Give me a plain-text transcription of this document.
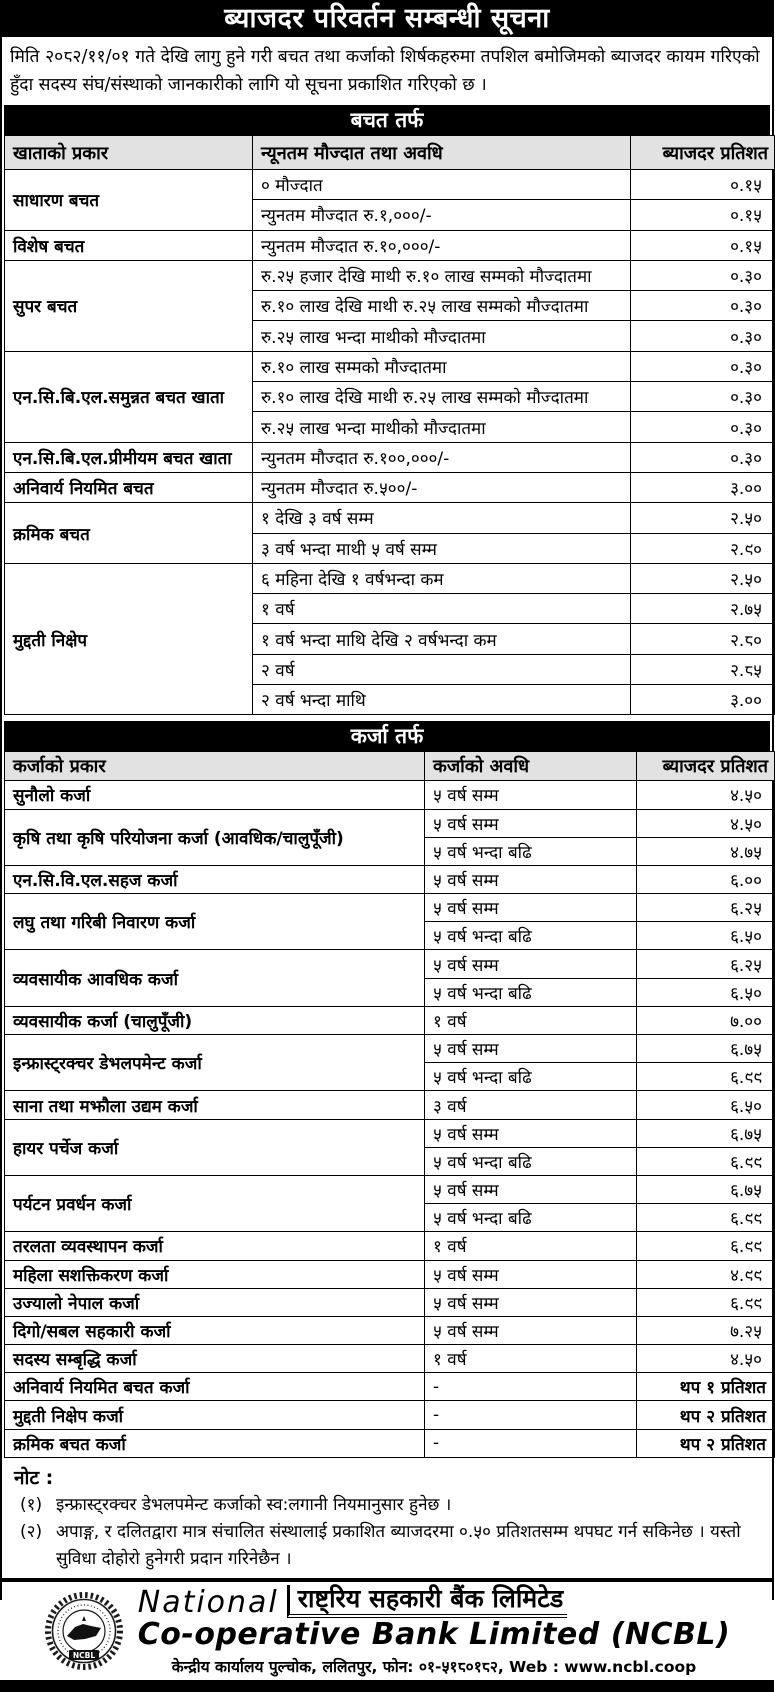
ब्याजदर परिवर्तन सम्बन्धी सूचना
मिति २०८२/११/०१ गते देखि लागु हुने गरी बचत तथा कर्जाको शिर्षकहरुमा तपशिल बमोजिमको ब्याजदर कायम गरिएको हुँदा सदस्य संघ/संस्थाको जानकारीको लागि यो सूचना प्रकाशित गरिएको छ ।
बचत तर्फ
खाताको प्रकार	न्यूनतम मौज्दात तथा अवधि	ब्याजदर प्रतिशत
साधारण बचत	० मौज्दात	०.१५
	न्युनतम मौज्दात रु.१,०००/-	०.१५
विशेष बचत	न्युनतम मौज्दात रु.१०,०००/-	०.१५
सुपर बचत	रु.२५ हजार देखि माथी रु.१० लाख सम्मको मौज्दातमा	०.३०
	रु.१० लाख देखि माथी रु.२५ लाख सम्मको मौज्दातमा	०.३०
	रु.२५ लाख भन्दा माथीको मौज्दातमा	०.३०
एन.सि.बि.एल.समुन्नत बचत खाता	रु.१० लाख सम्मको मौज्दातमा	०.३०
	रु.१० लाख देखि माथी रु.२५ लाख सम्मको मौज्दातमा	०.३०
	रु.२५ लाख भन्दा माथीको मौज्दातमा	०.३०
एन.सि.बि.एल.प्रीमीयम बचत खाता	न्युनतम मौज्दात रु.१००,०००/-	०.३०
अनिवार्य नियमित बचत	न्युनतम मौज्दात रु.५००/-	३.००
क्रमिक बचत	१ देखि ३ वर्ष सम्म	२.५०
	३ वर्ष भन्दा माथी ५ वर्ष सम्म	२.९०
मुद्दती निक्षेप	६ महिना देखि १ वर्षभन्दा कम	२.५०
	१ वर्ष	२.७५
	१ वर्ष भन्दा माथि देखि २ वर्षभन्दा कम	२.८०
	२ वर्ष	२.८५
	२ वर्ष भन्दा माथि	३.००
कर्जा तर्फ
कर्जाको प्रकार	कर्जाको अवधि	ब्याजदर प्रतिशत
सुनौलो कर्जा	५ वर्ष सम्म	४.५०
कृषि तथा कृषि परियोजना कर्जा (आवधिक/चालुपूँजी)	५ वर्ष सम्म	४.५०
	५ वर्ष भन्दा बढि	४.७५
एन.सि.वि.एल.सहज कर्जा	५ वर्ष सम्म	६.००
लघु तथा गरिबी निवारण कर्जा	५ वर्ष सम्म	६.२५
	५ वर्ष भन्दा बढि	६.५०
व्यवसायीक आवधिक कर्जा	५ वर्ष सम्म	६.२५
	५ वर्ष भन्दा बढि	६.५०
व्यवसायीक कर्जा (चालुपूँजी)	१ वर्ष	७.००
इन्फ्रास्ट्रक्चर डेभलपमेन्ट कर्जा	५ वर्ष सम्म	६.७५
	५ वर्ष भन्दा बढि	६.९९
साना तथा मझौला उद्यम कर्जा	३ वर्ष	६.५०
हायर पर्चेज कर्जा	५ वर्ष सम्म	६.७५
	५ वर्ष भन्दा बढि	६.९९
पर्यटन प्रवर्धन कर्जा	५ वर्ष सम्म	६.७५
	५ वर्ष भन्दा बढि	६.९९
तरलता व्यवस्थापन कर्जा	१ वर्ष	६.९९
महिला सशक्तिकरण कर्जा	५ वर्ष सम्म	४.९९
उज्यालो नेपाल कर्जा	५ वर्ष सम्म	६.९९
दिगो/सबल सहकारी कर्जा	५ वर्ष सम्म	७.२५
सदस्य सम्बृद्धि कर्जा	१ वर्ष	४.५०
अनिवार्य नियमित बचत कर्जा	-	थप १ प्रतिशत
मुद्दती निक्षेप कर्जा	-	थप २ प्रतिशत
क्रमिक बचत कर्जा	-	थप २ प्रतिशत
नोट :
(१) इन्फ्रास्ट्रक्चर डेभलपमेन्ट कर्जाको स्व:लगानी नियमानुसार हुनेछ ।
(२) अपाङ्ग, र दलितद्वारा मात्र संचालित संस्थालाई प्रकाशित ब्याजदरमा ०.५० प्रतिशतसम्म थपघट गर्न सकिनेछ । यस्तो सुविधा दोहोरो हुनेगरी प्रदान गरिनेछैन ।
NCBL
National राष्ट्रिय सहकारी बैंक लिमिटेड
Co-operative Bank Limited (NCBL)
केन्द्रीय कार्यालय पुल्चोक, ललितपुर, फोन: ०१-५१८०१८२, Web : www.ncbl.coop
